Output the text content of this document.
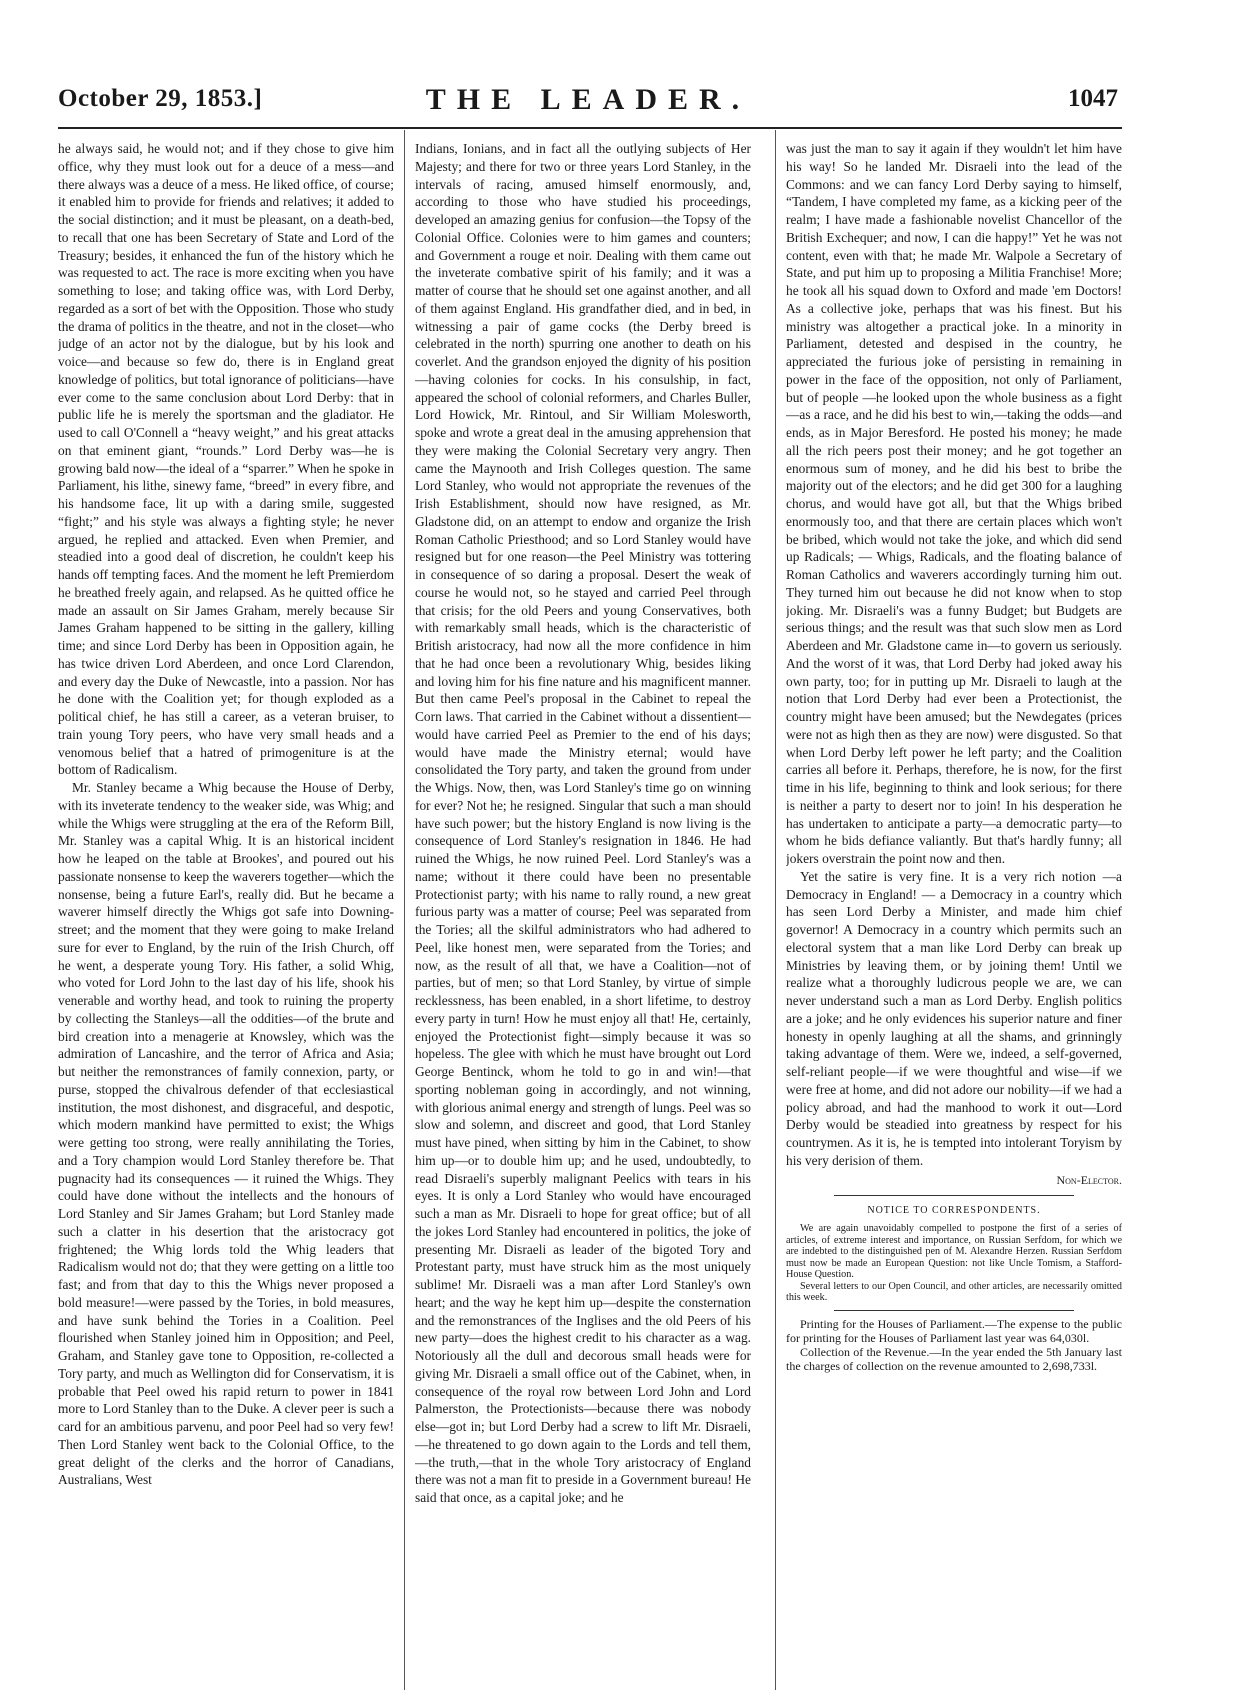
October 29, 1853.]	THE LEADER.	1047

he always said, he would not; and if they chose to give him office, why they must look out for a deuce of a mess—and there always was a deuce of a mess. He liked office, of course; it enabled him to provide for friends and relatives; it added to the social distinction; and it must be pleasant, on a death-bed, to recall that one has been Secretary of State and Lord of the Treasury; besides, it enhanced the fun of the history which he was requested to act. The race is more exciting when you have something to lose; and taking office was, with Lord Derby, regarded as a sort of bet with the Opposition. Those who study the drama of politics in the theatre, and not in the closet—who judge of an actor not by the dialogue, but by his look and voice—and because so few do, there is in England great knowledge of politics, but total ignorance of politicians—have ever come to the same conclusion about Lord Derby: that in public life he is merely the sportsman and the gladiator. He used to call O'Connell a “heavy weight,” and his great attacks on that eminent giant, “rounds.” Lord Derby was—he is growing bald now—the ideal of a “sparrer.” When he spoke in Parliament, his lithe, sinewy fame, “breed” in every fibre, and his handsome face, lit up with a daring smile, suggested “fight;” and his style was always a fighting style; he never argued, he replied and attacked. Even when Premier, and steadied into a good deal of discretion, he couldn't keep his hands off tempting faces. And the moment he left Premierdom he breathed freely again, and relapsed. As he quitted office he made an assault on Sir James Graham, merely because Sir James Graham happened to be sitting in the gallery, killing time; and since Lord Derby has been in Opposition again, he has twice driven Lord Aberdeen, and once Lord Clarendon, and every day the Duke of Newcastle, into a passion. Nor has he done with the Coalition yet; for though exploded as a political chief, he has still a career, as a veteran bruiser, to train young Tory peers, who have very small heads and a venomous belief that a hatred of primogeniture is at the bottom of Radicalism.

Mr. Stanley became a Whig because the House of Derby, with its inveterate tendency to the weaker side, was Whig; and while the Whigs were struggling at the era of the Reform Bill, Mr. Stanley was a capital Whig. It is an historical incident how he leaped on the table at Brookes', and poured out his passionate nonsense to keep the waverers together—which the nonsense, being a future Earl's, really did. But he became a waverer himself directly the Whigs got safe into Downing-street; and the moment that they were going to make Ireland sure for ever to England, by the ruin of the Irish Church, off he went, a desperate young Tory. His father, a solid Whig, who voted for Lord John to the last day of his life, shook his venerable and worthy head, and took to ruining the property by collecting the Stanleys—all the oddities—of the brute and bird creation into a menagerie at Knowsley, which was the admiration of Lancashire, and the terror of Africa and Asia; but neither the remonstrances of family connexion, party, or purse, stopped the chivalrous defender of that ecclesiastical institution, the most dishonest, and disgraceful, and despotic, which modern mankind have permitted to exist; the Whigs were getting too strong, were really annihilating the Tories, and a Tory champion would Lord Stanley therefore be. That pugnacity had its consequences — it ruined the Whigs. They could have done without the intellects and the honours of Lord Stanley and Sir James Graham; but Lord Stanley made such a clatter in his desertion that the aristocracy got frightened; the Whig lords told the Whig leaders that Radicalism would not do; that they were getting on a little too fast; and from that day to this the Whigs never proposed a bold measure!—were passed by the Tories, in bold measures, and have sunk behind the Tories in a Coalition. Peel flourished when Stanley joined him in Opposition; and Peel, Graham, and Stanley gave tone to Opposition, re-collected a Tory party, and much as Wellington did for Conservatism, it is probable that Peel owed his rapid return to power in 1841 more to Lord Stanley than to the Duke. A clever peer is such a card for an ambitious parvenu, and poor Peel had so very few! Then Lord Stanley went back to the Colonial Office, to the great delight of the clerks and the horror of Canadians, Australians, West

Indians, Ionians, and in fact all the outlying subjects of Her Majesty; and there for two or three years Lord Stanley, in the intervals of racing, amused himself enormously, and, according to those who have studied his proceedings, developed an amazing genius for confusion—the Topsy of the Colonial Office. Colonies were to him games and counters; and Government a rouge et noir. Dealing with them came out the inveterate combative spirit of his family; and it was a matter of course that he should set one against another, and all of them against England. His grandfather died, and in bed, in witnessing a pair of game cocks (the Derby breed is celebrated in the north) spurring one another to death on his coverlet. And the grandson enjoyed the dignity of his position—having colonies for cocks. In his consulship, in fact, appeared the school of colonial reformers, and Charles Buller, Lord Howick, Mr. Rintoul, and Sir William Molesworth, spoke and wrote a great deal in the amusing apprehension that they were making the Colonial Secretary very angry. Then came the Maynooth and Irish Colleges question. The same Lord Stanley, who would not appropriate the revenues of the Irish Establishment, should now have resigned, as Mr. Gladstone did, on an attempt to endow and organize the Irish Roman Catholic Priesthood; and so Lord Stanley would have resigned but for one reason—the Peel Ministry was tottering in consequence of so daring a proposal. Desert the weak of course he would not, so he stayed and carried Peel through that crisis; for the old Peers and young Conservatives, both with remarkably small heads, which is the characteristic of British aristocracy, had now all the more confidence in him that he had once been a revolutionary Whig, besides liking and loving him for his fine nature and his magnificent manner. But then came Peel's proposal in the Cabinet to repeal the Corn laws. That carried in the Cabinet without a dissentient—would have carried Peel as Premier to the end of his days; would have made the Ministry eternal; would have consolidated the Tory party, and taken the ground from under the Whigs. Now, then, was Lord Stanley's time go on winning for ever? Not he; he resigned. Singular that such a man should have such power; but the history England is now living is the consequence of Lord Stanley's resignation in 1846. He had ruined the Whigs, he now ruined Peel. Lord Stanley's was a name; without it there could have been no presentable Protectionist party; with his name to rally round, a new great furious party was a matter of course; Peel was separated from the Tories; all the skilful administrators who had adhered to Peel, like honest men, were separated from the Tories; and now, as the result of all that, we have a Coalition—not of parties, but of men; so that Lord Stanley, by virtue of simple recklessness, has been enabled, in a short lifetime, to destroy every party in turn! How he must enjoy all that! He, certainly, enjoyed the Protectionist fight—simply because it was so hopeless. The glee with which he must have brought out Lord George Bentinck, whom he told to go in and win!—that sporting nobleman going in accordingly, and not winning, with glorious animal energy and strength of lungs. Peel was so slow and solemn, and discreet and good, that Lord Stanley must have pined, when sitting by him in the Cabinet, to show him up—or to double him up; and he used, undoubtedly, to read Disraeli's superbly malignant Peelics with tears in his eyes. It is only a Lord Stanley who would have encouraged such a man as Mr. Disraeli to hope for great office; but of all the jokes Lord Stanley had encountered in politics, the joke of presenting Mr. Disraeli as leader of the bigoted Tory and Protestant party, must have struck him as the most uniquely sublime! Mr. Disraeli was a man after Lord Stanley's own heart; and the way he kept him up—despite the consternation and the remonstrances of the Inglises and the old Peers of his new party—does the highest credit to his character as a wag. Notoriously all the dull and decorous small heads were for giving Mr. Disraeli a small office out of the Cabinet, when, in consequence of the royal row between Lord John and Lord Palmerston, the Protectionists—because there was nobody else—got in; but Lord Derby had a screw to lift Mr. Disraeli,—he threatened to go down again to the Lords and tell them,—the truth,—that in the whole Tory aristocracy of England there was not a man fit to preside in a Government bureau! He said that once, as a capital joke; and he

was just the man to say it again if they wouldn't let him have his way! So he landed Mr. Disraeli into the lead of the Commons: and we can fancy Lord Derby saying to himself, “Tandem, I have completed my fame, as a kicking peer of the realm; I have made a fashionable novelist Chancellor of the British Exchequer; and now, I can die happy!” Yet he was not content, even with that; he made Mr. Walpole a Secretary of State, and put him up to proposing a Militia Franchise! More; he took all his squad down to Oxford and made 'em Doctors! As a collective joke, perhaps that was his finest. But his ministry was altogether a practical joke. In a minority in Parliament, detested and despised in the country, he appreciated the furious joke of persisting in remaining in power in the face of the opposition, not only of Parliament, but of people —he looked upon the whole business as a fight—as a race, and he did his best to win,—taking the odds—and ends, as in Major Beresford. He posted his money; he made all the rich peers post their money; and he got together an enormous sum of money, and he did his best to bribe the majority out of the electors; and he did get 300 for a laughing chorus, and would have got all, but that the Whigs bribed enormously too, and that there are certain places which won't be bribed, which would not take the joke, and which did send up Radicals; — Whigs, Radicals, and the floating balance of Roman Catholics and waverers accordingly turning him out. They turned him out because he did not know when to stop joking. Mr. Disraeli's was a funny Budget; but Budgets are serious things; and the result was that such slow men as Lord Aberdeen and Mr. Gladstone came in—to govern us seriously. And the worst of it was, that Lord Derby had joked away his own party, too; for in putting up Mr. Disraeli to laugh at the notion that Lord Derby had ever been a Protectionist, the country might have been amused; but the Newdegates (prices were not as high then as they are now) were disgusted. So that when Lord Derby left power he left party; and the Coalition carries all before it. Perhaps, therefore, he is now, for the first time in his life, beginning to think and look serious; for there is neither a party to desert nor to join! In his desperation he has undertaken to anticipate a party—a democratic party—to whom he bids defiance valiantly. But that's hardly funny; all jokers overstrain the point now and then.

Yet the satire is very fine. It is a very rich notion —a Democracy in England! — a Democracy in a country which has seen Lord Derby a Minister, and made him chief governor! A Democracy in a country which permits such an electoral system that a man like Lord Derby can break up Ministries by leaving them, or by joining them! Until we realize what a thoroughly ludicrous people we are, we can never understand such a man as Lord Derby. English politics are a joke; and he only evidences his superior nature and finer honesty in openly laughing at all the shams, and grinningly taking advantage of them. Were we, indeed, a self-governed, self-reliant people—if we were thoughtful and wise—if we were free at home, and did not adore our nobility—if we had a policy abroad, and had the manhood to work it out—Lord Derby would be steadied into greatness by respect for his countrymen. As it is, he is tempted into intolerant Toryism by his very derision of them.

Non-Elector.
NOTICE TO CORRESPONDENTS.

We are again unavoidably compelled to postpone the first of a series of articles, of extreme interest and importance, on Russian Serfdom, for which we are indebted to the distinguished pen of M. Alexandre Herzen. Russian Serfdom must now be made an European Question: not like Uncle Tomism, a Stafford-House Question.

Several letters to our Open Council, and other articles, are necessarily omitted this week.

Printing for the Houses of Parliament.—The expense to the public for printing for the Houses of Parliament last year was 64,030l.

Collection of the Revenue.—In the year ended the 5th January last the charges of collection on the revenue amounted to 2,698,733l.
